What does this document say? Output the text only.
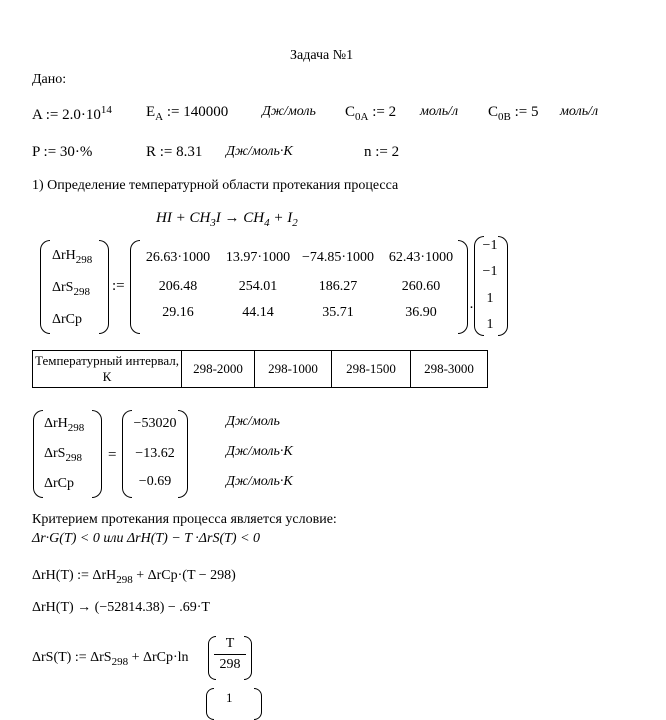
Задача №1
Дано:
A := $2.0\cdot 10^{14}$ $E_A$ := 140000 Дж/моль $C_{0A}$ := 2 моль/л $C_{0B}$ := 5 моль/л
P := 30·%	R := 8.31 Дж/моль·К	n := 2
1) Определение температурной области протекания процесса
HI + $CH_3I \to CH_4 + I_2$
ΔrH$_{298}$
ΔrS$_{298}$
ΔrCp
:=
26.63·1000	13.97·1000 −74.85·1000	62.43·1000
206.48	254.01	186.27	260.60
29.16	44.14	35.71	36.90	·
−1
−1
1
1
Температурный интервал, К	298-2000	298-1000	298-1500	298-3000
ΔrH$_{298}$
ΔrS$_{298}$
ΔrCp
=
−53020
−13.62
−0.69
Дж/моль
Дж/моль·К
Дж/моль·К
Критерием протекания процесса является условие:
Δr·G(T) < 0 или ΔrH(T) − T ·ΔrS(T) < 0
ΔrH(T) := ΔrH$_{298}$ + ΔrCp·(T − 298)
ΔrH(T) → (−52814.38) − .69·T
ΔrS(T) := ΔrS$_{298}$ + ΔrCp·ln
T
298
1
